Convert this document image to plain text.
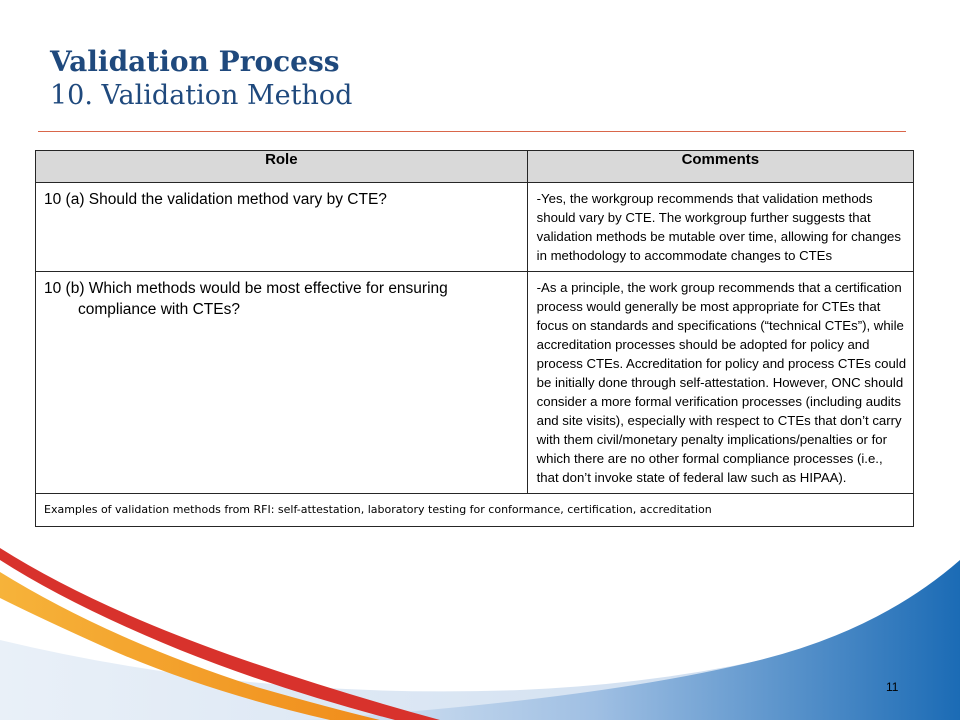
Validation Process
10. Validation Method
Role	Comments

10 (a) Should the validation method vary by CTE?	-Yes, the workgroup recommends that validation methods should vary by CTE. The workgroup further suggests that validation methods be mutable over time, allowing for changes in methodology to accommodate changes to CTEs

10 (b) Which methods would be most effective for ensuring compliance with CTEs?	-As a principle, the work group recommends that a certification process would generally be most appropriate for CTEs that focus on standards and specifications (“technical CTEs”), while accreditation processes should be adopted for policy and process CTEs. Accreditation for policy and process CTEs could be initially done through self-attestation. However, ONC should consider a more formal verification processes (including audits and site visits), especially with respect to CTEs that don’t carry with them civil/monetary penalty implications/penalties or for which there are no other formal compliance processes (i.e., that don’t invoke state of federal law such as HIPAA).
Examples of validation methods from RFI: self-attestation, laboratory testing for conformance, certification, accreditation	
11
